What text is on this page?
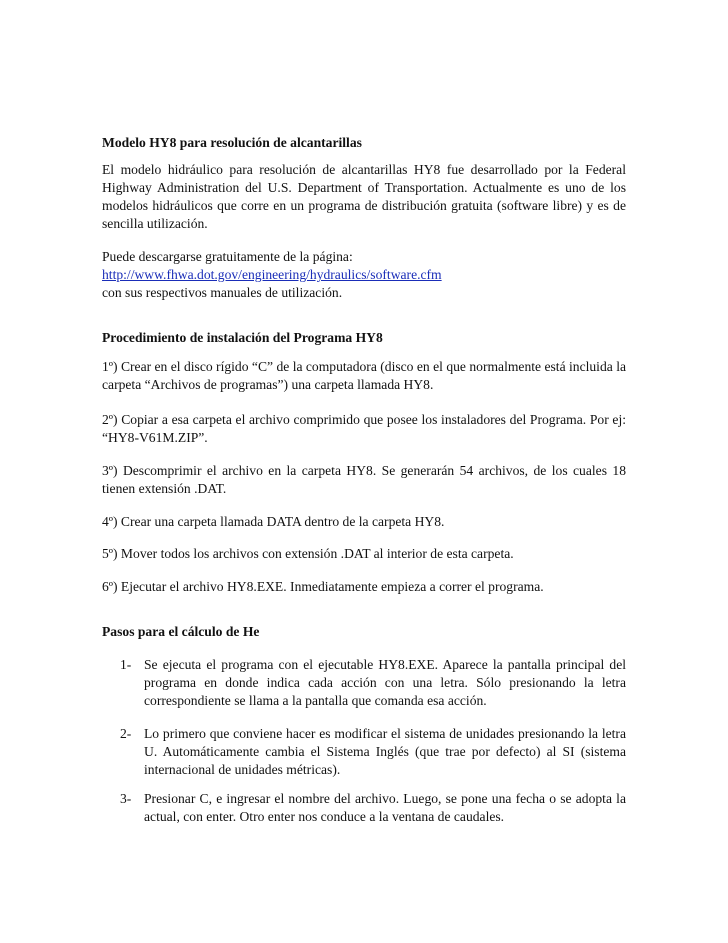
Modelo HY8 para resolución de alcantarillas

El modelo hidráulico para resolución de alcantarillas HY8 fue desarrollado por la Federal Highway Administration del U.S. Department of Transportation. Actualmente es uno de los modelos hidráulicos que corre en un programa de distribución gratuita (software libre) y es de sencilla utilización.

Puede descargarse gratuitamente de la página:

http://www.fhwa.dot.gov/engineering/hydraulics/software.cfm

con sus respectivos manuales de utilización.

Procedimiento de instalación del Programa HY8

1º) Crear en el disco rígido “C” de la computadora (disco en el que normalmente está incluida la carpeta “Archivos de programas”) una carpeta llamada HY8.

2º) Copiar a esa carpeta el archivo comprimido que posee los instaladores del Programa. Por ej: “HY8-V61M.ZIP”.

3º) Descomprimir el archivo en la carpeta HY8. Se generarán 54 archivos, de los cuales 18 tienen extensión .DAT.

4º) Crear una carpeta llamada DATA dentro de la carpeta HY8.

5º) Mover todos los archivos con extensión .DAT al interior de esta carpeta.

6º) Ejecutar el archivo HY8.EXE. Inmediatamente empieza a correr el programa.

Pasos para el cálculo de He

1- Se ejecuta el programa con el ejecutable HY8.EXE. Aparece la pantalla principal del programa en donde indica cada acción con una letra. Sólo presionando la letra correspondiente se llama a la pantalla que comanda esa acción.
2- Lo primero que conviene hacer es modificar el sistema de unidades presionando la letra U. Automáticamente cambia el Sistema Inglés (que trae por defecto) al SI (sistema internacional de unidades métricas).
3- Presionar C, e ingresar el nombre del archivo. Luego, se pone una fecha o se adopta la actual, con enter. Otro enter nos conduce a la ventana de caudales.
